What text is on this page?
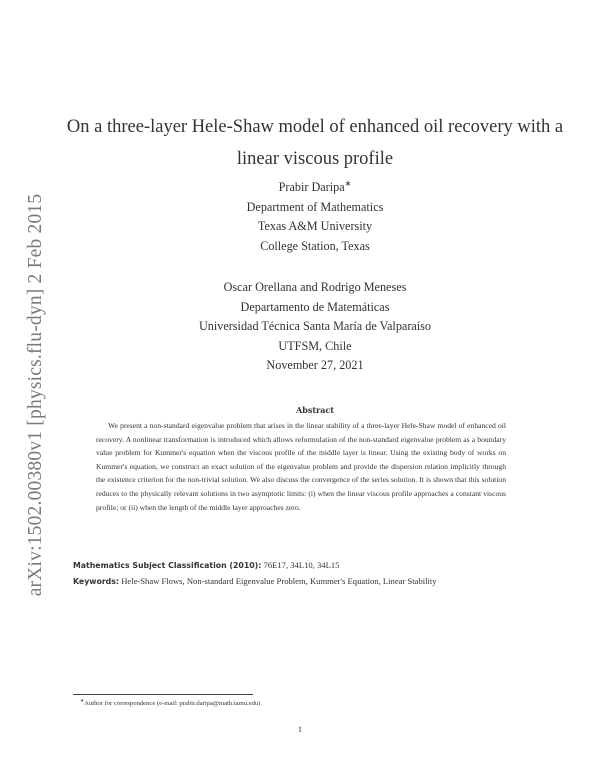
arXiv:1502.00380v1 [physics.flu-dyn] 2 Feb 2015
On a three-layer Hele-Shaw model of enhanced oil recovery with a
linear viscous profile
Prabir Daripa∗
Department of Mathematics
Texas A&M University
College Station, Texas
Oscar Orellana and Rodrigo Meneses
Departamento de Matemáticas
Universidad Técnica Santa María de Valparaíso
UTFSM, Chile
November 27, 2021
Abstract

We present a non-standard eigenvalue problem that arises in the linear stability of a three-layer Hele-Shaw model of enhanced oil recovery. A nonlinear transformation is introduced which allows reformulation of the non-standard eigenvalue problem as a boundary value problem for Kummer's equation when the viscous profile of the middle layer is linear. Using the existing body of works on Kummer's equation, we construct an exact solution of the eigenvalue problem and provide the dispersion relation implicitly through the existence criterion for the non-trivial solution. We also discuss the convergence of the series solution. It is shown that this solution reduces to the physically relevant solutions in two asymptotic limits: (i) when the linear viscous profile approaches a constant viscous profile; or (ii) when the length of the middle layer approaches zero.

Mathematics Subject Classification (2010): 76E17, 34L10, 34L15
Keywords: Hele-Shaw Flows, Non-standard Eigenvalue Problem, Kummer's Equation, Linear Stability
∗Author for correspondence (e-mail: prabir.daripa@math.tamu.edu)
1
